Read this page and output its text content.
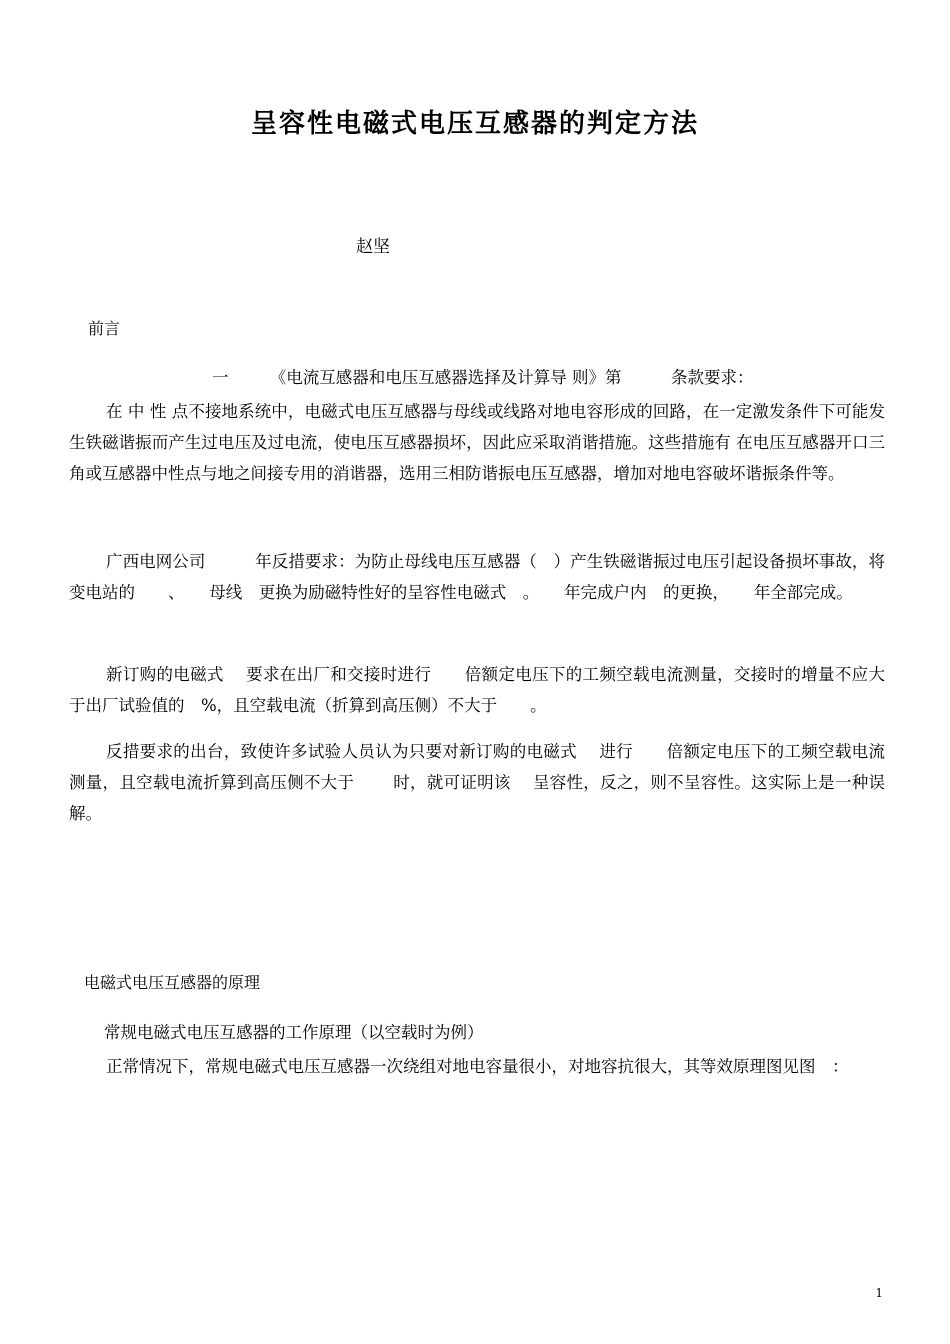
呈容性电磁式电压互感器的判定方法
赵坚
前言
一　　　《电流互感器和电压互感器选择及计算导 则》第　　　条款要求：
在 中 性 点不接地系统中，电磁式电压互感器与母线或线路对地电容形成的回路，在一定激发条件下可能发生铁磁谐振而产生过电压及过电流，使电压互感器损坏，因此应采取消谐措施。这些措施有 在电压互感器开口三角或互感器中性点与地之间接专用的消谐器，选用三相防谐振电压互感器，增加对地电容破坏谐振条件等。
广西电网公司　　　年反措要求：为防止母线电压互感器（　）产生铁磁谐振过电压引起设备损坏事故，将变电站的　　、　　母线　更换为励磁特性好的呈容性电磁式　。　　年完成户内　的更换，　　年全部完成。
新订购的电磁式　 要求在出厂和交接时进行　　倍额定电压下的工频空载电流测量，交接时的增量不应大于出厂试验值的　%，且空载电流（折算到高压侧）不大于　　。
反措要求的出台，致使许多试验人员认为只要对新订购的电磁式　 进行　　倍额定电压下的工频空载电流测量，且空载电流折算到高压侧不大于　　 时，就可证明该　 呈容性，反之，则不呈容性。这实际上是一种误解。
电磁式电压互感器的原理
常规电磁式电压互感器的工作原理（以空载时为例）
正常情况下，常规电磁式电压互感器一次绕组对地电容量很小，对地容抗很大，其等效原理图见图　：
1
